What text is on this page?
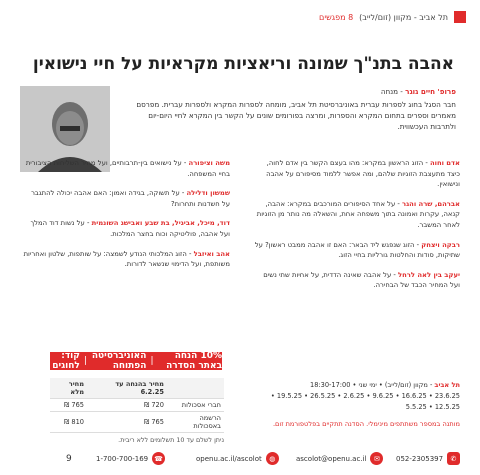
תל אביב - מקוון (זום/לייב)
8 מפגשים
אהבה בתנ"ך שמונה וריאציות מקראיות על חיי נישואין
פרופ' חיים גוגר - מנחה
חבר הסגל בחוג לספרות עברית באוניברסיטת תל אביב, מומחה לספרות המקרא ולספרות עברית. מפרסם מאמרים וספרים בתחום המקרא והספרות, ומרצה בפורומים שונים על הקשר בין המקרא לחיי היום-יום ולתרבות העכשווית.
אדם וחוה - הזוג הראשון במקרא: מהו בעצם הקשר בין אדם לחוה, כיצד מתעצבת הזוגיות שלהם, ומה אפשר ללמוד מסיפורם על אהבה ונישואין.
אברהם, שרה והגר - על אחד הסיפורים המורכבים במקרא: אהבה, קנאה, עקרות ואמונה בתוך משפחה אחת, והשאלה מה נותר מן הזוגיות לאחר המשבר.
רבקה ויצחק - הזוג שנפגש ליד הבאר: האם זו אהבה ממבט ראשון? על שתיקות, סודות והחלטות גורליות בחיי הזוג.
יעקב בין לאה לרחל - על אהבה שאינה הדדית, על אחיות שתי נשים ועל המחיר הכבד של הבחירה.
משה וציפורה - על נישואים בין-תרבותיים, ועל מחיר השליחות הציבורית בחיי המשפחה.
שמשון ודלילה - על תשוקה, בגידה ואמון: האם אהבה יכולה להתגבר על חשדנות ותחרות?
דוד, מיכל, אביגיל, בת שבע ואבישג השונמית - על נשות דוד המלך ועל אהבה, פוליטיקה וכוח בחצר המלכות.
אהב ואיזבל - הזוג המלכותי הנודע לשמצה: על שותפות, שלטון ואחריות משותפת, ועל הדימוי שנשאר לדורות.
10% הנחה באתר הסדרה
|
האוניברסיטה הפתוחה
|
קוד: לחוגים
	מחיר בהנחה עד 6.2.25	מחיר מלא
חברי אסכולות	720 ₪	765 ₪
הרשמה באסכולות	765 ₪	810 ₪
ניתן לשלם עד 10 תשלומים ללא ריבית.
תל אביב - מקוון (זום/לייב) • ימי שני • 18:30-17:00
23.6.25 • 16.6.25 • 9.6.25 • 2.6.25 • 26.5.25 • 19.5.25 • 12.5.25 • 5.5.25
מותנה במספר משתתפים מינימלי. הסדנה תתקיים בפלטפורמת זום.
9	1-700-700-169 ☎	openu.ac.il/ascolot	◍	ascolot@openu.ac.il	✉	052-2305397	✆
